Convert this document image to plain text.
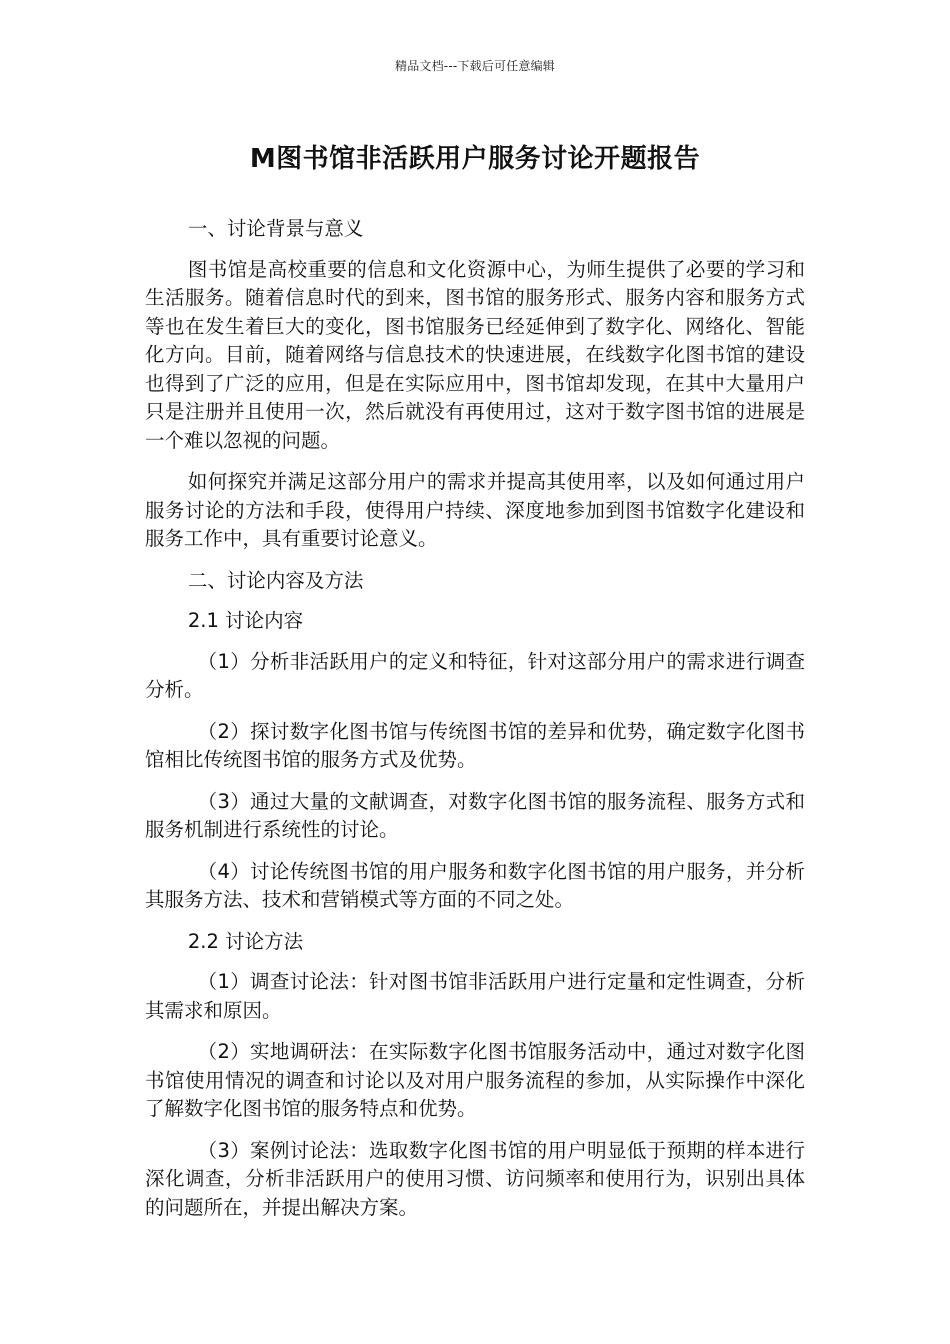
精品文档---下载后可任意编辑
M图书馆非活跃用户服务讨论开题报告

一、讨论背景与意义

图书馆是高校重要的信息和文化资源中心，为师生提供了必要的学习和生活服务。随着信息时代的到来，图书馆的服务形式、服务内容和服务方式等也在发生着巨大的变化，图书馆服务已经延伸到了数字化、网络化、智能化方向。目前，随着网络与信息技术的快速进展，在线数字化图书馆的建设也得到了广泛的应用，但是在实际应用中，图书馆却发现，在其中大量用户只是注册并且使用一次，然后就没有再使用过，这对于数字图书馆的进展是一个难以忽视的问题。

如何探究并满足这部分用户的需求并提高其使用率，以及如何通过用户服务讨论的方法和手段，使得用户持续、深度地参加到图书馆数字化建设和服务工作中，具有重要讨论意义。

二、讨论内容及方法

2.1 讨论内容

（1）分析非活跃用户的定义和特征，针对这部分用户的需求进行调查分析。

（2）探讨数字化图书馆与传统图书馆的差异和优势，确定数字化图书馆相比传统图书馆的服务方式及优势。

（3）通过大量的文献调查，对数字化图书馆的服务流程、服务方式和服务机制进行系统性的讨论。

（4）讨论传统图书馆的用户服务和数字化图书馆的用户服务，并分析其服务方法、技术和营销模式等方面的不同之处。

2.2 讨论方法

（1）调查讨论法：针对图书馆非活跃用户进行定量和定性调查，分析其需求和原因。

（2）实地调研法：在实际数字化图书馆服务活动中，通过对数字化图书馆使用情况的调查和讨论以及对用户服务流程的参加，从实际操作中深化了解数字化图书馆的服务特点和优势。

（3）案例讨论法：选取数字化图书馆的用户明显低于预期的样本进行深化调查，分析非活跃用户的使用习惯、访问频率和使用行为，识别出具体的问题所在，并提出解决方案。
